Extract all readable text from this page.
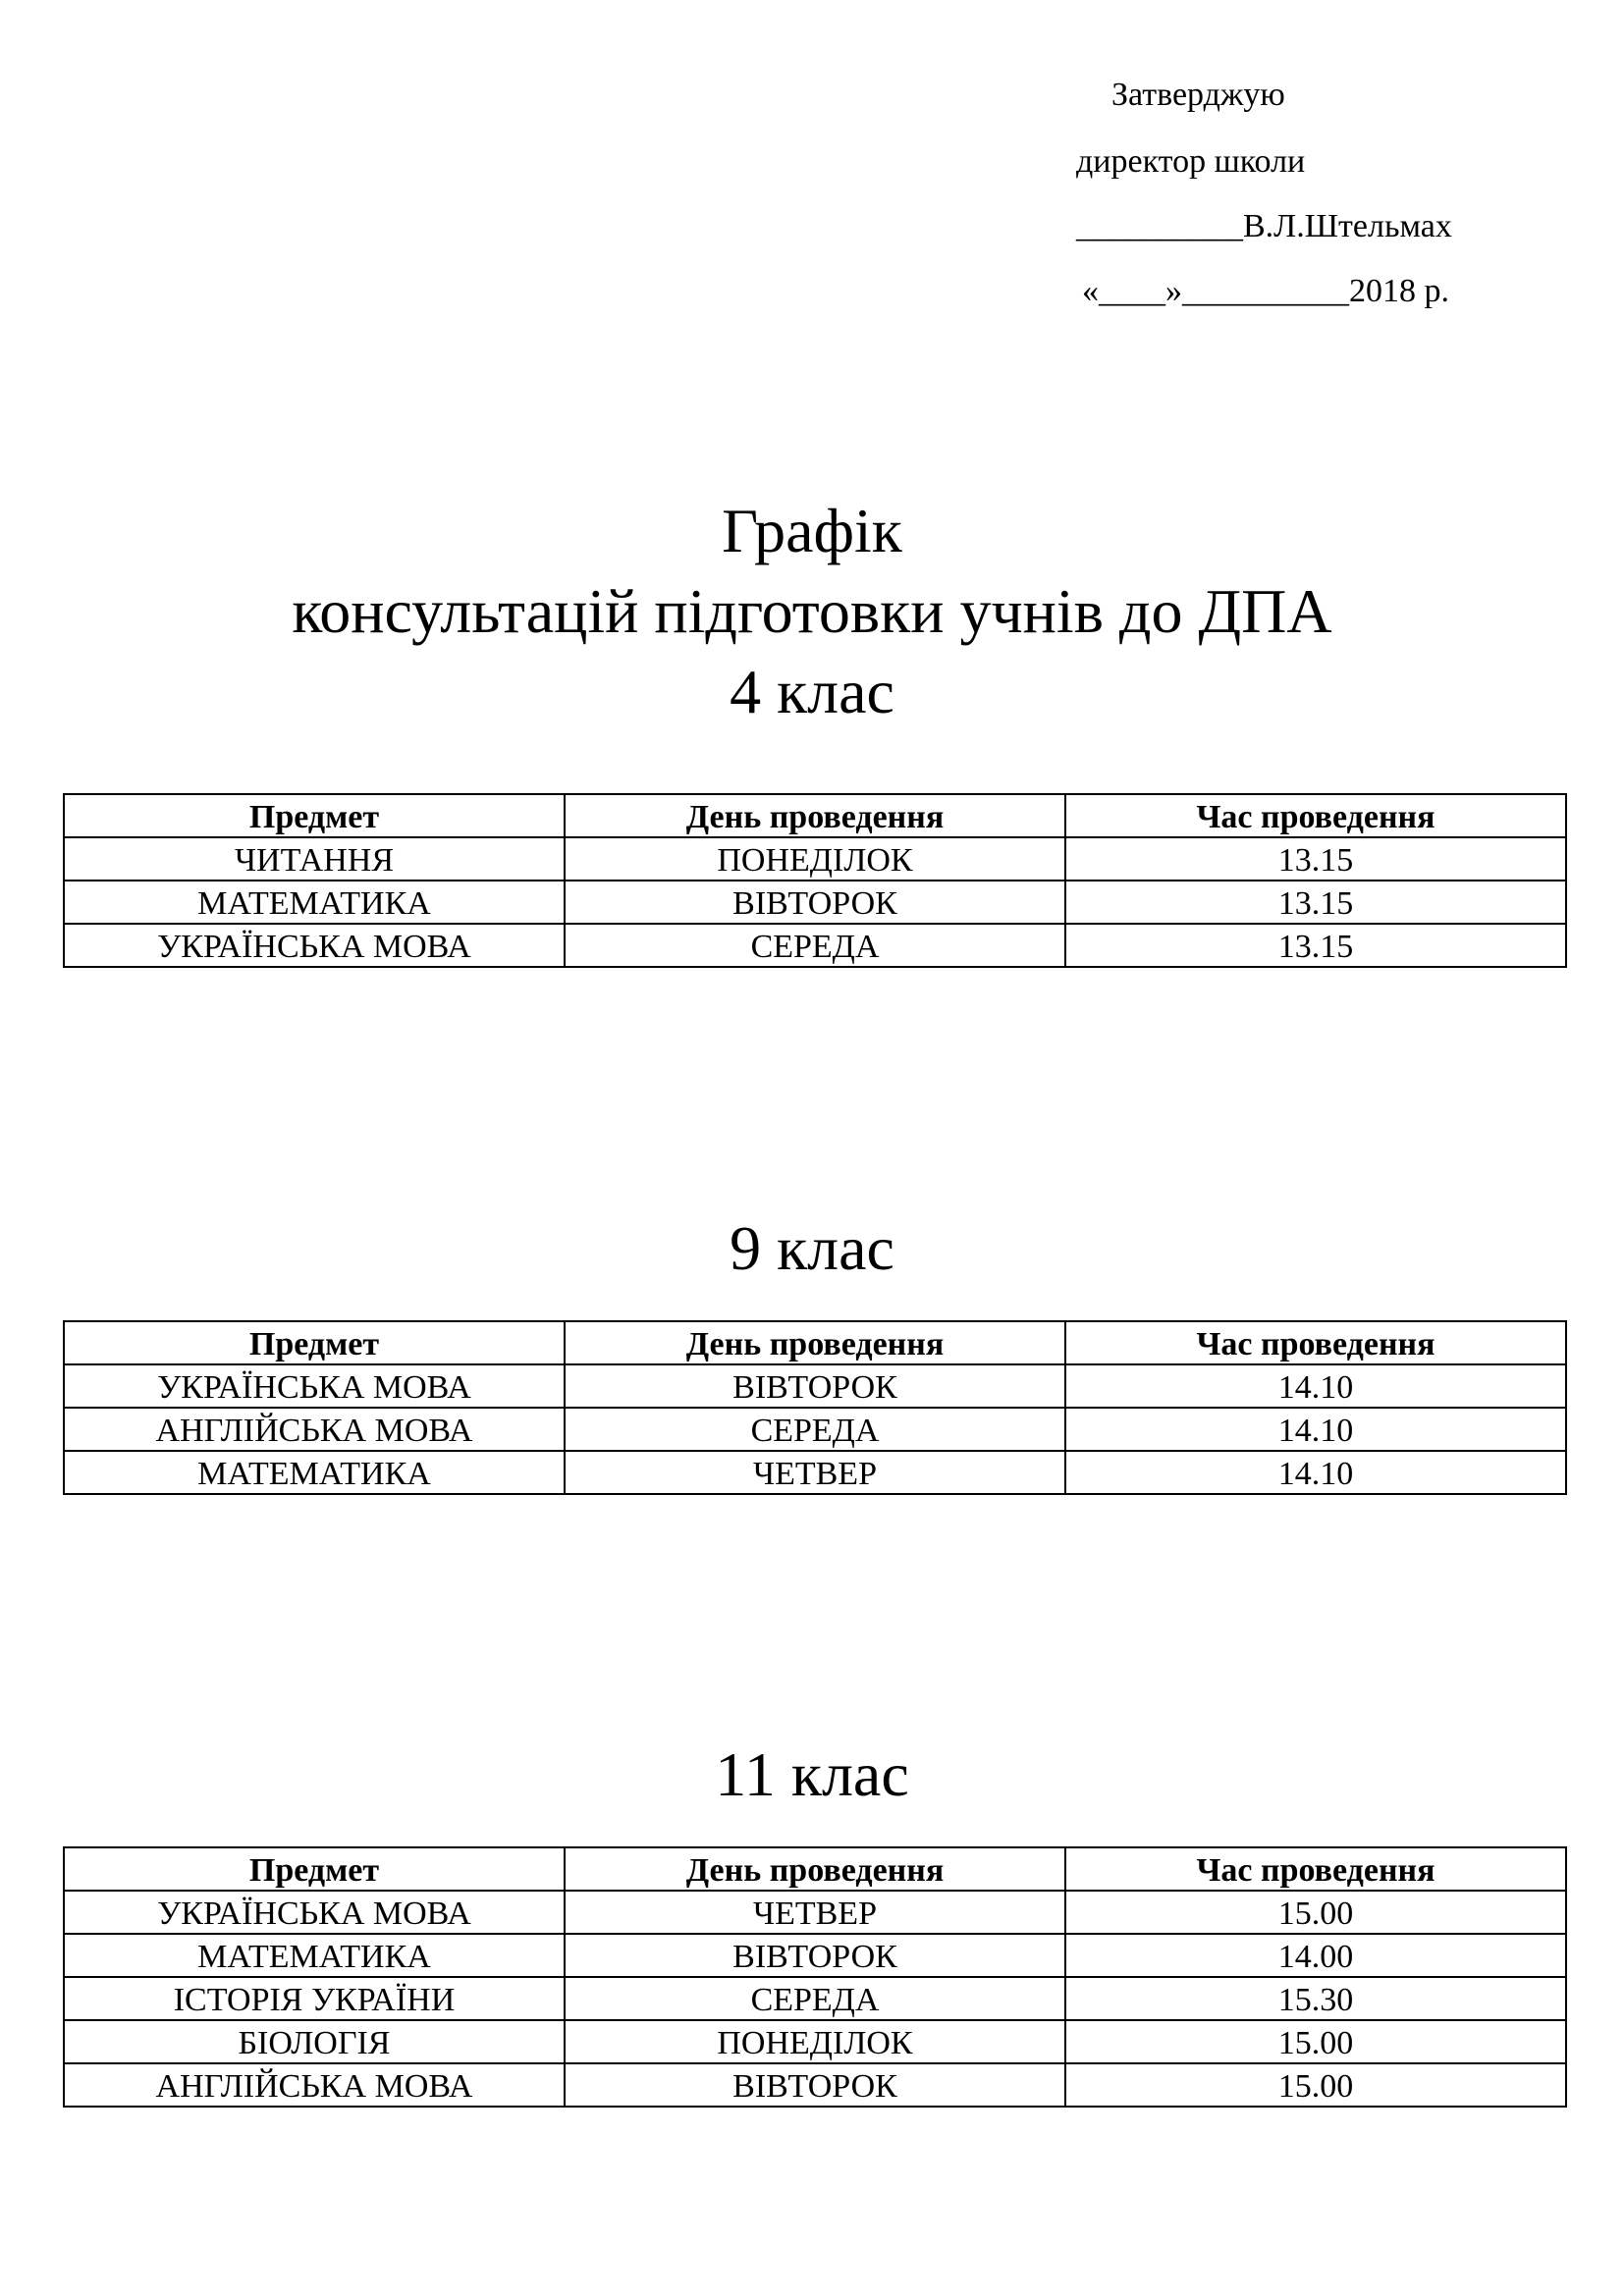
Затверджую
директор школи
__________В.Л.Штельмах
«____»__________2018 р.
Графік
консультацій підготовки учнів до ДПА
4 клас
Предмет	День проведення	Час проведення
ЧИТАННЯ	ПОНЕДІЛОК	13.15
МАТЕМАТИКА	ВІВТОРОК	13.15
УКРАЇНСЬКА МОВА	СЕРЕДА	13.15
9 клас
Предмет	День проведення	Час проведення
УКРАЇНСЬКА МОВА	ВІВТОРОК	14.10
АНГЛІЙСЬКА МОВА	СЕРЕДА	14.10
МАТЕМАТИКА	ЧЕТВЕР	14.10
11 клас
Предмет	День проведення	Час проведення
УКРАЇНСЬКА МОВА	ЧЕТВЕР	15.00
МАТЕМАТИКА	ВІВТОРОК	14.00
ІСТОРІЯ УКРАЇНИ	СЕРЕДА	15.30
БІОЛОГІЯ	ПОНЕДІЛОК	15.00
АНГЛІЙСЬКА МОВА	ВІВТОРОК	15.00
